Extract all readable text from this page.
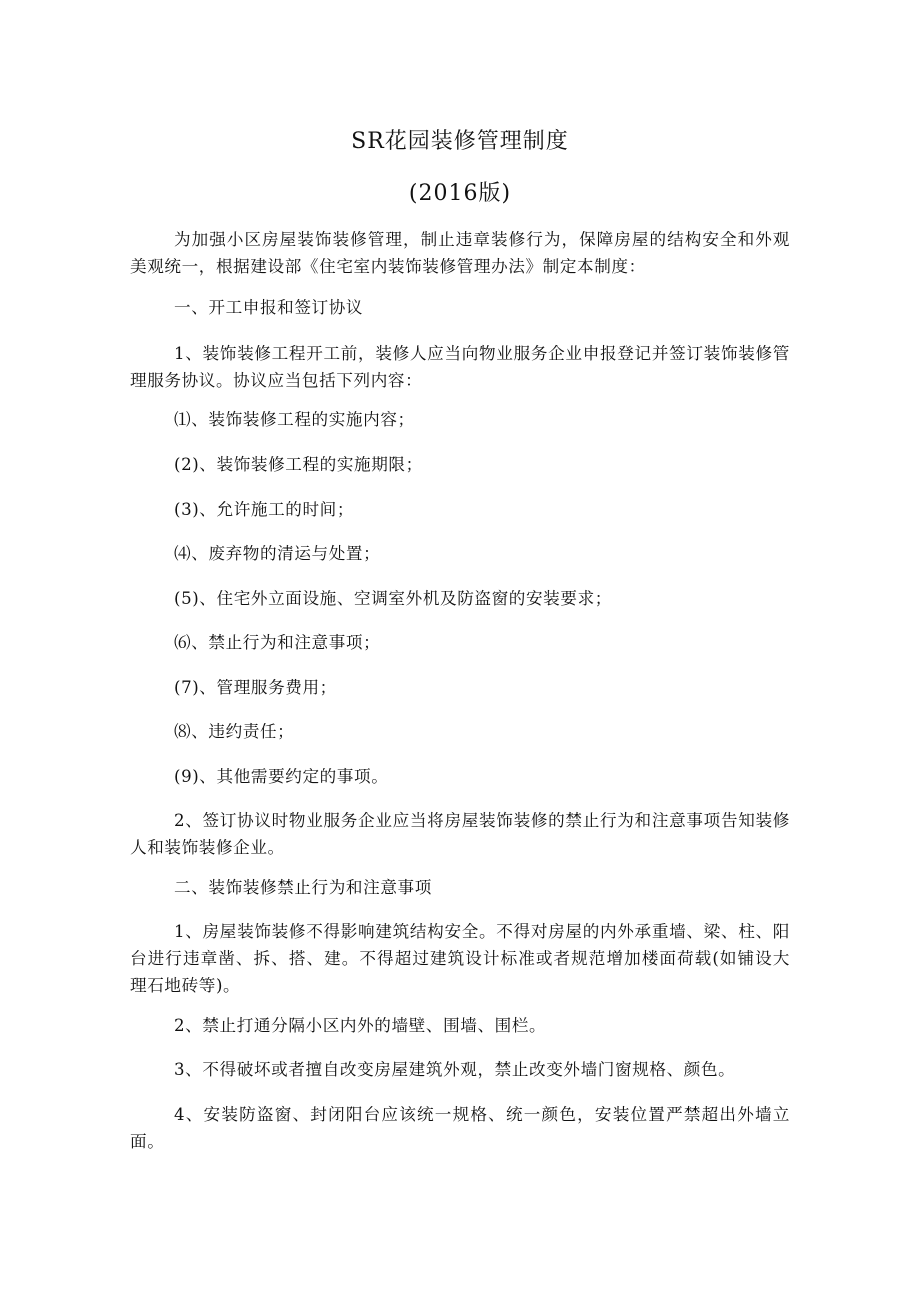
SR花园装修管理制度
(2016版)
为加强小区房屋装饰装修管理，制止违章装修行为，保障房屋的结构安全和外观美观统一，根据建设部《住宅室内装饰装修管理办法》制定本制度：
一、开工申报和签订协议
1、装饰装修工程开工前，装修人应当向物业服务企业申报登记并签订装饰装修管理服务协议。协议应当包括下列内容：
⑴、装饰装修工程的实施内容；
(2)、装饰装修工程的实施期限；
(3)、允许施工的时间；
⑷、废弃物的清运与处置；
(5)、住宅外立面设施、空调室外机及防盗窗的安装要求；
⑹、禁止行为和注意事项；
(7)、管理服务费用；
⑻、违约责任；
(9)、其他需要约定的事项。
2、签订协议时物业服务企业应当将房屋装饰装修的禁止行为和注意事项告知装修人和装饰装修企业。
二、装饰装修禁止行为和注意事项
1、房屋装饰装修不得影响建筑结构安全。不得对房屋的内外承重墙、梁、柱、阳台进行违章凿、拆、搭、建。不得超过建筑设计标准或者规范增加楼面荷载(如铺设大理石地砖等)。
2、禁止打通分隔小区内外的墙壁、围墙、围栏。
3、不得破坏或者擅自改变房屋建筑外观，禁止改变外墙门窗规格、颜色。
4、安装防盗窗、封闭阳台应该统一规格、统一颜色，安装位置严禁超出外墙立面。
